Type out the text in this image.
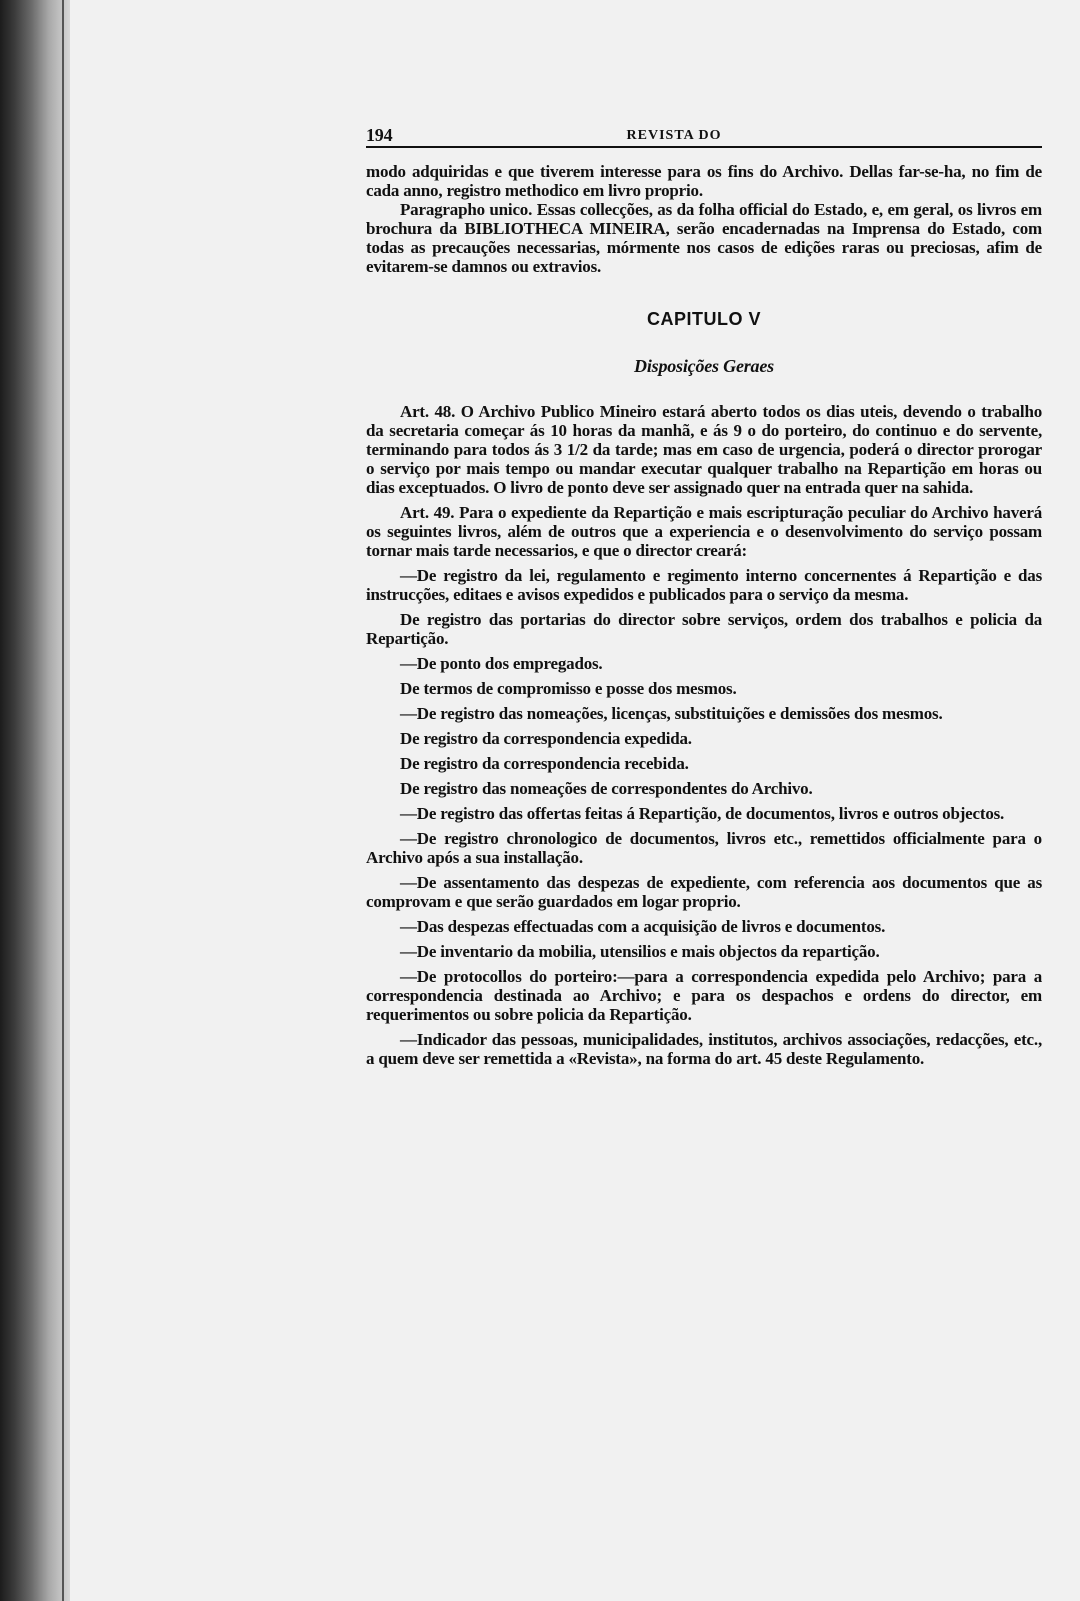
194	REVISTA DO

modo adquiridas e que tiverem interesse para os fins do Archivo. Dellas far-se-ha, no fim de cada anno, registro methodico em livro proprio.

Paragrapho unico. Essas collecções, as da folha official do Estado, e, em geral, os livros em brochura da BIBLIOTHECA MINEIRA, serão encadernadas na Imprensa do Estado, com todas as precauções necessarias, mórmente nos casos de edições raras ou preciosas, afim de evitarem-se damnos ou extravios.

CAPITULO V
Disposições Geraes

Art. 48. O Archivo Publico Mineiro estará aberto todos os dias uteis, devendo o trabalho da secretaria começar ás 10 horas da manhã, e ás 9 o do porteiro, do continuo e do servente, terminando para todos ás 3 1/2 da tarde; mas em caso de urgencia, poderá o director prorogar o serviço por mais tempo ou mandar executar qualquer trabalho na Repartição em horas ou dias exceptuados. O livro de ponto deve ser assignado quer na entrada quer na sahida.

Art. 49. Para o expediente da Repartição e mais escripturação peculiar do Archivo haverá os seguintes livros, além de outros que a experiencia e o desenvolvimento do serviço possam tornar mais tarde necessarios, e que o director creará:

—De registro da lei, regulamento e regimento interno concernentes á Repartição e das instrucções, editaes e avisos expedidos e publicados para o serviço da mesma.

De registro das portarias do director sobre serviços, ordem dos trabalhos e policia da Repartição.

—De ponto dos empregados.

De termos de compromisso e posse dos mesmos.

—De registro das nomeações, licenças, substituições e demissões dos mesmos.

De registro da correspondencia expedida.

De registro da correspondencia recebida.

De registro das nomeações de correspondentes do Archivo.

—De registro das offertas feitas á Repartição, de documentos, livros e outros objectos.

—De registro chronologico de documentos, livros etc., remettidos officialmente para o Archivo após a sua installação.

—De assentamento das despezas de expediente, com referencia aos documentos que as comprovam e que serão guardados em logar proprio.

—Das despezas effectuadas com a acquisição de livros e documentos.

—De inventario da mobilia, utensilios e mais objectos da repartição.

—De protocollos do porteiro:—para a correspondencia expedida pelo Archivo; para a correspondencia destinada ao Archivo; e para os despachos e ordens do director, em requerimentos ou sobre policia da Repartição.

—Indicador das pessoas, municipalidades, institutos, archivos associações, redacções, etc., a quem deve ser remettida a «Revista», na forma do art. 45 deste Regulamento.
